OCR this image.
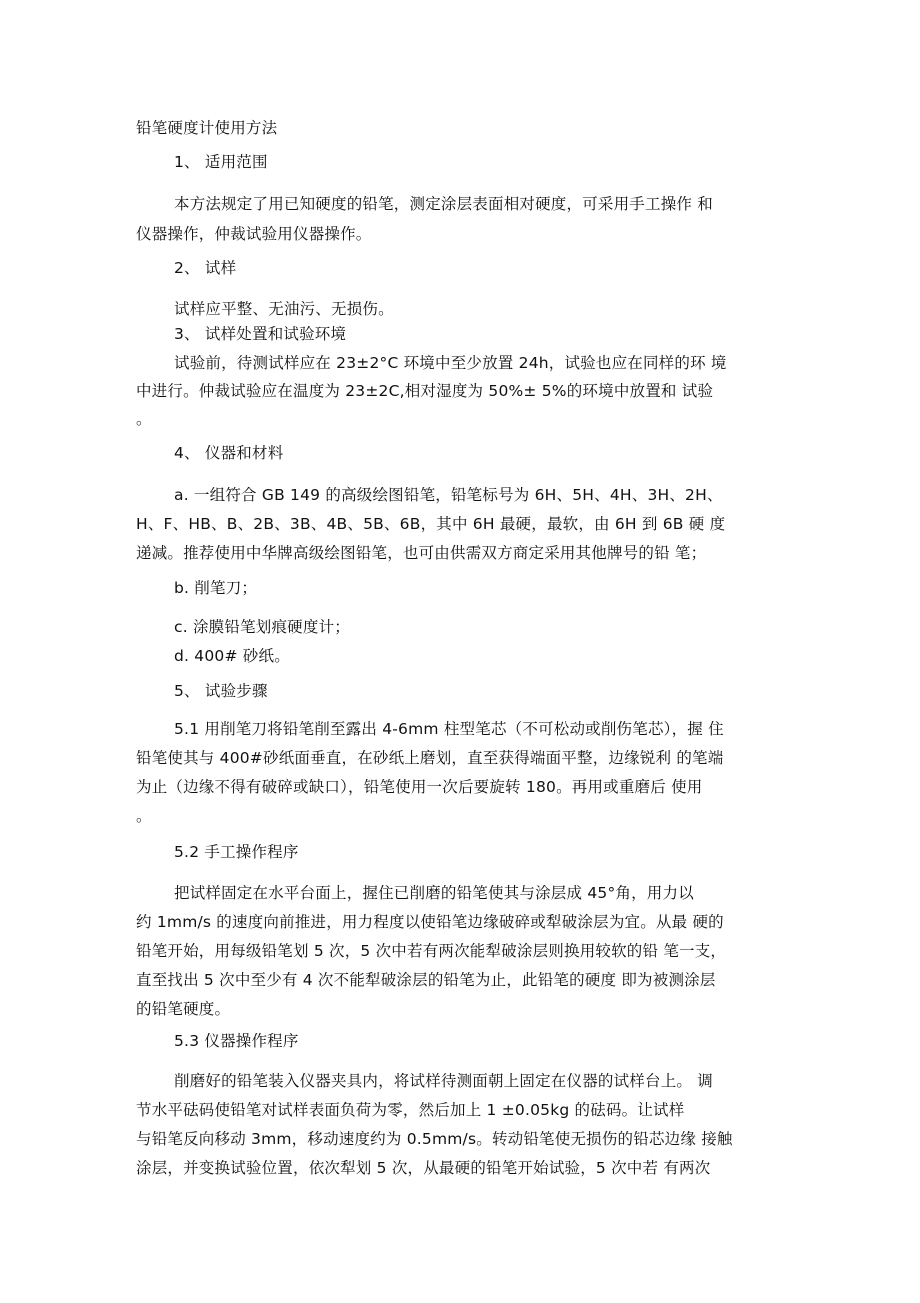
铅笔硬度计使用方法
1、 适用范围
本方法规定了用已知硬度的铅笔，测定涂层表面相对硬度，可采用手工操作 和
仪器操作，仲裁试验用仪器操作。
2、 试样
试样应平整、无油污、无损伤。
3、 试样处置和试验环境
试验前，待测试样应在 23±2°C 环境中至少放置 24h，试验也应在同样的环 境
中进行。仲裁试验应在温度为 23±2C,相对湿度为 50%± 5%的环境中放置和 试验
。
4、 仪器和材料
a. 一组符合 GB 149 的高级绘图铅笔，铅笔标号为 6H、5H、4H、3H、2H、
H、F、HB、B、2B、3B、4B、5B、6B，其中 6H 最硬，最软，由 6H 到 6B 硬 度
递减。推荐使用中华牌高级绘图铅笔，也可由供需双方商定采用其他牌号的铅 笔；
b. 削笔刀；
c. 涂膜铅笔划痕硬度计；
d. 400# 砂纸。
5、 试验步骤
5.1 用削笔刀将铅笔削至露出 4-6mm 柱型笔芯（不可松动或削伤笔芯），握 住
铅笔使其与 400#砂纸面垂直，在砂纸上磨划，直至获得端面平整，边缘锐利 的笔端
为止（边缘不得有破碎或缺口），铅笔使用一次后要旋转 180。再用或重磨后 使用
。
5.2 手工操作程序
把试样固定在水平台面上，握住已削磨的铅笔使其与涂层成 45°角，用力以
约 1mm/s 的速度向前推进，用力程度以使铅笔边缘破碎或犁破涂层为宜。从最 硬的
铅笔开始，用每级铅笔划 5 次，5 次中若有两次能犁破涂层则换用较软的铅 笔一支，
直至找出 5 次中至少有 4 次不能犁破涂层的铅笔为止，此铅笔的硬度 即为被测涂层
的铅笔硬度。
5.3 仪器操作程序
削磨好的铅笔装入仪器夹具内，将试样待测面朝上固定在仪器的试样台上。 调
节水平砝码使铅笔对试样表面负荷为零，然后加上 1 ±0.05kg 的砝码。让试样
与铅笔反向移动 3mm，移动速度约为 0.5mm/s。转动铅笔使无损伤的铅芯边缘 接触
涂层，并变换试验位置，依次犁划 5 次，从最硬的铅笔开始试验，5 次中若 有两次
